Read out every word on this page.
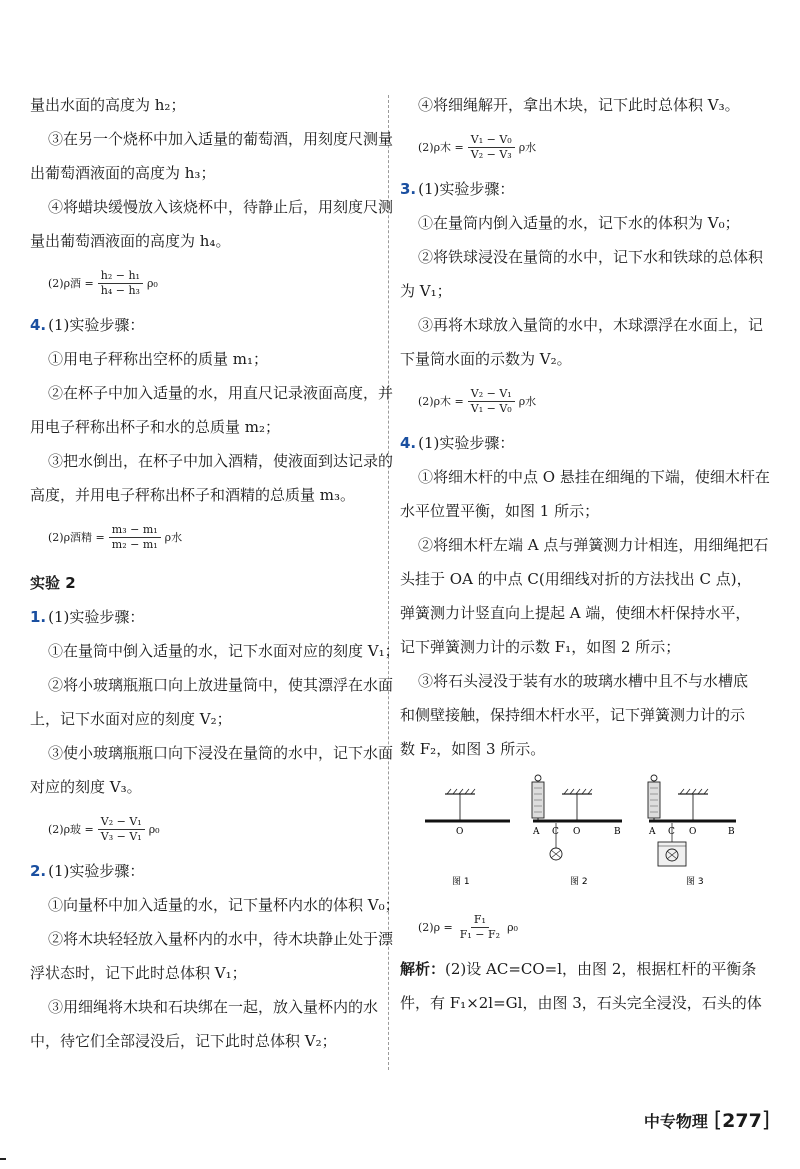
量出水面的高度为 h₂；
③在另一个烧杯中加入适量的葡萄酒，用刻度尺测量
出葡萄酒液面的高度为 h₃；
④将蜡块缓慢放入该烧杯中，待静止后，用刻度尺测
量出葡萄酒液面的高度为 h₄。
(2)ρ酒 = $\frac{\text{h₂ − h₁}}{\text{h₄ − h₃}} \rho_0$
4. (1)实验步骤：
①用电子秤称出空杯的质量 m₁；
②在杯子中加入适量的水，用直尺记录液面高度，并
用电子秤称出杯子和水的总质量 m₂；
③把水倒出，在杯子中加入酒精，使液面到达记录的
高度，并用电子秤称出杯子和酒精的总质量 m₃。
(2)ρ酒精 = $\frac{\text{m₃ − m₁}}{\text{m₂ − m₁}}$ ρ水
实验 2
1. (1)实验步骤：
①在量筒中倒入适量的水，记下水面对应的刻度 V₁；
②将小玻璃瓶瓶口向上放进量筒中，使其漂浮在水面
上，记下水面对应的刻度 V₂；
③使小玻璃瓶瓶口向下浸没在量筒的水中，记下水面
对应的刻度 V₃。
(2)ρ玻 = $\frac{\text{V₂ − V₁}}{\text{V₃ − V₁}} \rho_0$
2. (1)实验步骤：
①向量杯中加入适量的水，记下量杯内水的体积 V₀；
②将木块轻轻放入量杯内的水中，待木块静止处于漂
浮状态时，记下此时总体积 V₁；
③用细绳将木块和石块绑在一起，放入量杯内的水
中，待它们全部浸没后，记下此时总体积 V₂；
④将细绳解开，拿出木块，记下此时总体积 V₃。
(2)ρ木 = $\frac{\text{V₁ − V₀}}{\text{V₂ − V₃}}$ ρ水
3. (1)实验步骤：
①在量筒内倒入适量的水，记下水的体积为 V₀；
②将铁球浸没在量筒的水中，记下水和铁球的总体积
为 V₁；
③再将木球放入量筒的水中，木球漂浮在水面上，记
下量筒水面的示数为 V₂。
(2)ρ木 = $\frac{\text{V₂ − V₁}}{\text{V₁ − V₀}}$ ρ水
4. (1)实验步骤：
①将细木杆的中点 O 悬挂在细绳的下端，使细木杆在
水平位置平衡，如图 1 所示；
②将细木杆左端 A 点与弹簧测力计相连，用细绳把石
头挂于 OA 的中点 C(用细线对折的方法找出 C 点)，
弹簧测力计竖直向上提起 A 端，使细木杆保持水平，
记下弹簧测力计的示数 F₁，如图 2 所示；
③将石头浸没于装有水的玻璃水槽中且不与水槽底
和侧壁接触，保持细木杆水平，记下弹簧测力计的示
数 F₂，如图 3 所示。
O
图 1
A C O	B
图 2
A C O	B
图 3
$(2)\rho = \frac{\text{F₁}}{\text{F₁ − F₂}} \rho_0$
解析：(2)设 AC=CO=l，由图 2，根据杠杆的平衡条
件，有 F₁×2l=Gl，由图 3，石头完全浸没，石头的体
中专物理 [277]
